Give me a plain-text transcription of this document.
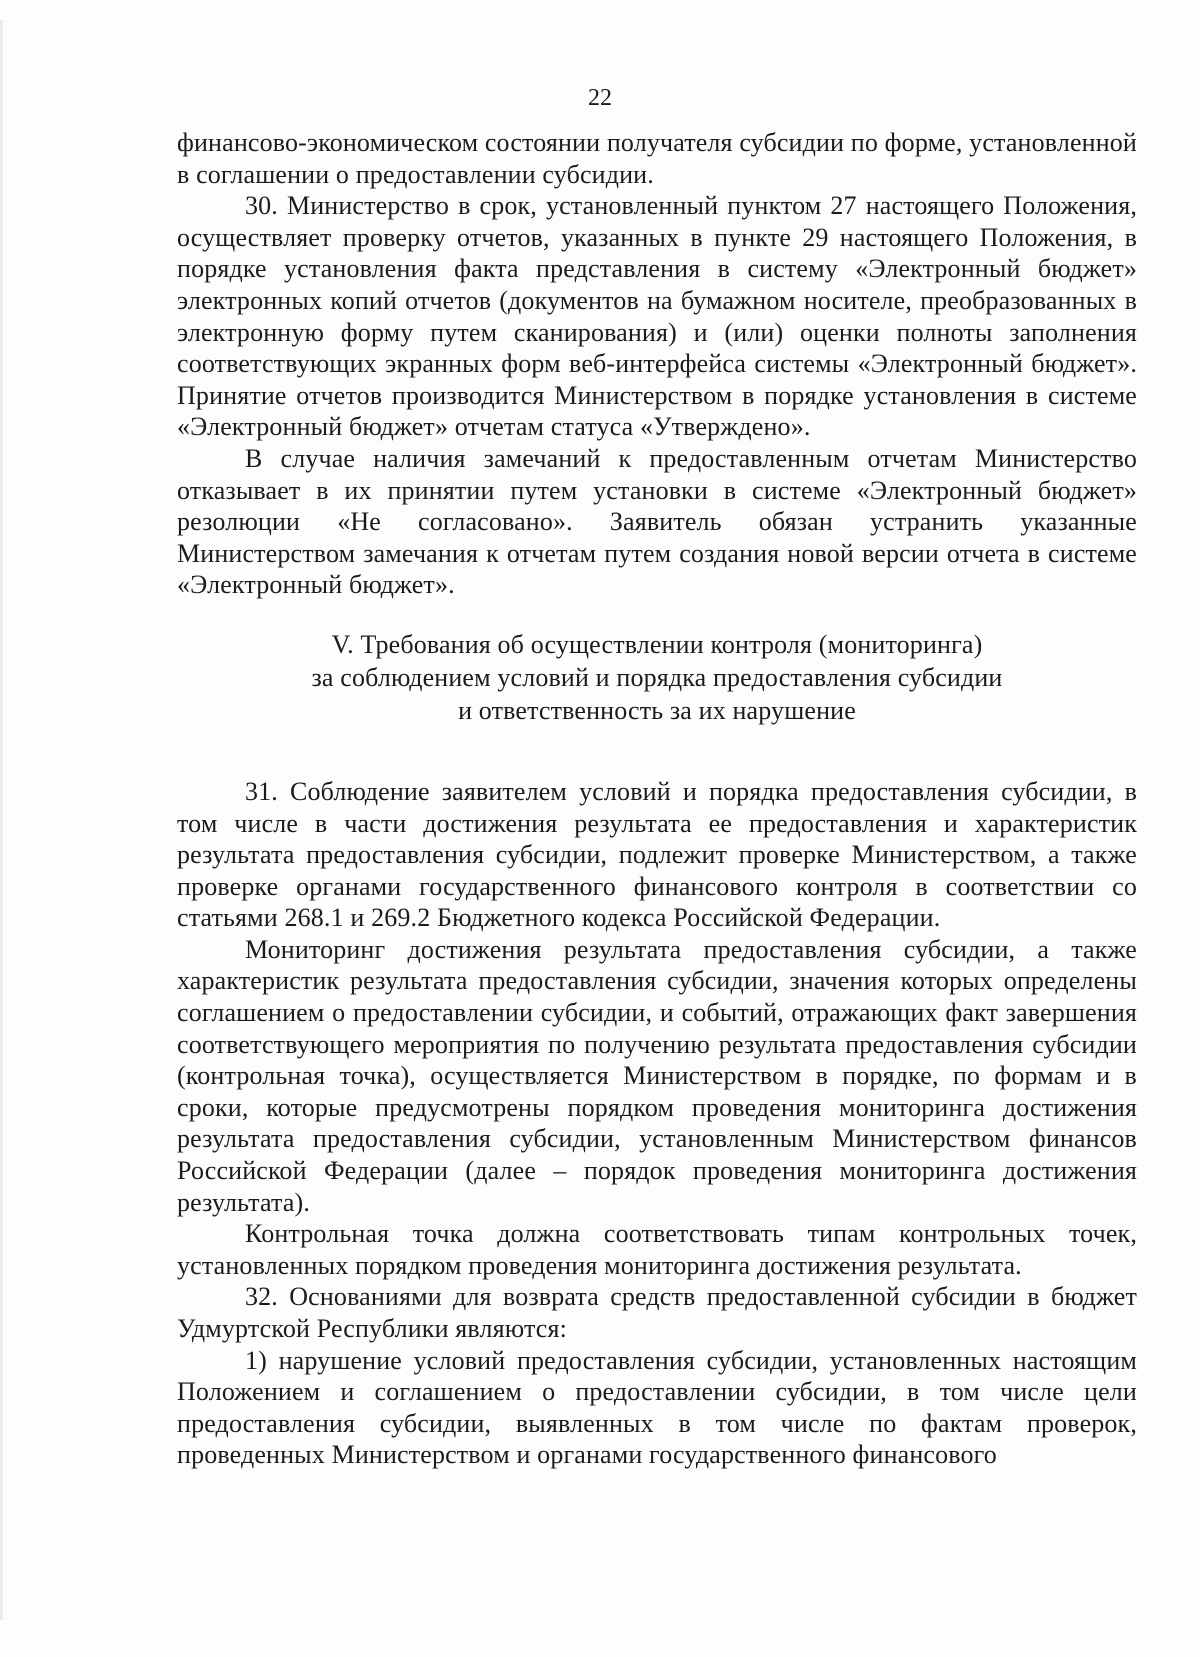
22

финансово-экономическом состоянии получателя субсидии по форме, установленной в соглашении о предоставлении субсидии.

30. Министерство в срок, установленный пунктом 27 настоящего Положения, осуществляет проверку отчетов, указанных в пункте 29 настоящего Положения, в порядке установления факта представления в систему «Электронный бюджет» электронных копий отчетов (документов на бумажном носителе, преобразованных в электронную форму путем сканирования) и (или) оценки полноты заполнения соответствующих экранных форм веб-интерфейса системы «Электронный бюджет». Принятие отчетов производится Министерством в порядке установления в системе «Электронный бюджет» отчетам статуса «Утверждено».

В случае наличия замечаний к предоставленным отчетам Министерство отказывает в их принятии путем установки в системе «Электронный бюджет» резолюции «Не согласовано». Заявитель обязан устранить указанные Министерством замечания к отчетам путем создания новой версии отчета в системе «Электронный бюджет».

V. Требования об осуществлении контроля (мониторинга)
за соблюдением условий и порядка предоставления субсидии
и ответственность за их нарушение

31. Соблюдение заявителем условий и порядка предоставления субсидии, в том числе в части достижения результата ее предоставления и характеристик результата предоставления субсидии, подлежит проверке Министерством, а также проверке органами государственного финансового контроля в соответствии со статьями 268.1 и 269.2 Бюджетного кодекса Российской Федерации.

Мониторинг достижения результата предоставления субсидии, а также характеристик результата предоставления субсидии, значения которых определены соглашением о предоставлении субсидии, и событий, отражающих факт завершения соответствующего мероприятия по получению результата предоставления субсидии (контрольная точка), осуществляется Министерством в порядке, по формам и в сроки, которые предусмотрены порядком проведения мониторинга достижения результата предоставления субсидии, установленным Министерством финансов Российской Федерации (далее – порядок проведения мониторинга достижения результата).

Контрольная точка должна соответствовать типам контрольных точек, установленных порядком проведения мониторинга достижения результата.

32. Основаниями для возврата средств предоставленной субсидии в бюджет Удмуртской Республики являются:

1) нарушение условий предоставления субсидии, установленных настоящим Положением и соглашением о предоставлении субсидии, в том числе цели предоставления субсидии, выявленных в том числе по фактам проверок, проведенных Министерством и органами государственного финансового
